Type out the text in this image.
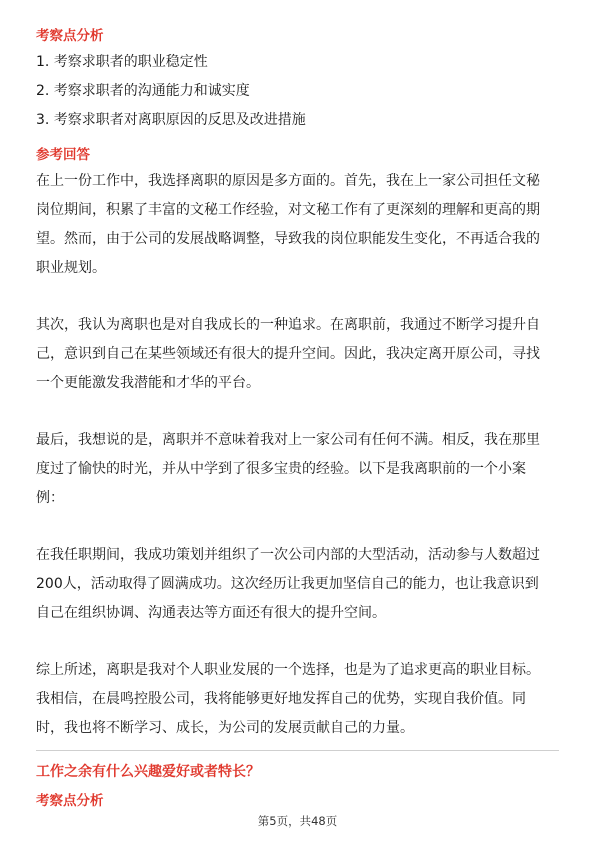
考察点分析
1. 考察求职者的职业稳定性
2. 考察求职者的沟通能力和诚实度
3. 考察求职者对离职原因的反思及改进措施
参考回答
在上一份工作中，我选择离职的原因是多方面的。首先，我在上一家公司担任文秘
岗位期间，积累了丰富的文秘工作经验，对文秘工作有了更深刻的理解和更高的期
望。然而，由于公司的发展战略调整，导致我的岗位职能发生变化，不再适合我的
职业规划。
其次，我认为离职也是对自我成长的一种追求。在离职前，我通过不断学习提升自
己，意识到自己在某些领域还有很大的提升空间。因此，我决定离开原公司，寻找
一个更能激发我潜能和才华的平台。
最后，我想说的是，离职并不意味着我对上一家公司有任何不满。相反，我在那里
度过了愉快的时光，并从中学到了很多宝贵的经验。以下是我离职前的一个小案
例：
在我任职期间，我成功策划并组织了一次公司内部的大型活动，活动参与人数超过
200人，活动取得了圆满成功。这次经历让我更加坚信自己的能力，也让我意识到
自己在组织协调、沟通表达等方面还有很大的提升空间。
综上所述，离职是我对个人职业发展的一个选择，也是为了追求更高的职业目标。
我相信，在晨鸣控股公司，我将能够更好地发挥自己的优势，实现自我价值。同
时，我也将不断学习、成长，为公司的发展贡献自己的力量。
工作之余有什么兴趣爱好或者特长？
考察点分析
第5页，共48页
